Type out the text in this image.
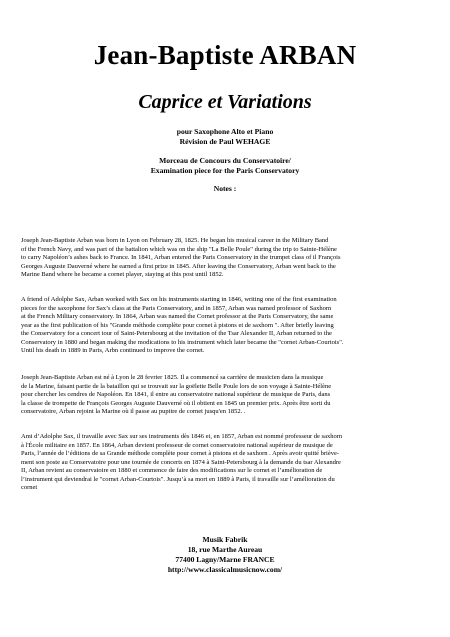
Jean-Baptiste ARBAN
Caprice et Variations
pour Saxophone Alto et Piano
Révision de Paul WEHAGE
Morceau de Concours du Conservatoire/
Examination piece for the Paris Conservatory
Notes :

Joseph Jean-Baptiste Arban was born in Lyon on February 28, 1825. He began his musical career in the Military Band

of the French Navy, and was part of the battalion which was on the ship "La Belle Poule" during the trip to Sainte-Hélène

to carry Napoléon’s ashes back to France. In 1841, Arban entered the Paris Conservatory in the trumpet class of il François

Georges Auguste Dauverné where he earned a first prize in 1845. After leaving the Conservatory, Arban went back to the

Marine Band where he became a cornet player, staying at this post until 1852.

A friend of Adolphe Sax, Arban worked with Sax on his instruments starting in 1846, writing one of the first examination

pieces for the saxophone for Sax’s class at the Paris Conservatory, and in 1857, Arban was named professor of Saxhorn

at the French Military conservatory. In 1864, Arban was named the Cornet professor at the Paris Conservatory, the same

year as the first publication of his "Grande méthode complète pour cornet à pistons et de saxhorn ". After briefly leaving

the Conservatory for a concert tour of Saint-Petersbourg at the invitation of the Tsar Alexander II, Arban returned to the

Conservatory in 1880 and began making the modications to his instrument which later became the "cornet Arban-Courtois".

Until his death in 1889 in Paris, Arbn continued to improve the cornet.

Joseph Jean-Baptiste Arban est né à Lyon le 28 fevrier 1825. Il a commencé sa carrière de musicien dans la musique

de la Marine, faisant partie de la bataillon qui se trouvait sur la goëlette Belle Poule lors de son voyage à Sainte-Hélène

pour chercher les cendres de Napoléon. En 1841, il entre au conservatoire national supérieur de musique de Paris, dans

la classe de trompette de François Georges Auguste Dauverné où il obtient en 1845 un premier prix. Après être sorti du

conservatoire, Arban rejoint la Marine où il passe au pupitre de cornet jusqu'en 1852. .

Ami d’Adolphe Sax, il travaille avec Sax sur ses instruments dès 1846 et, en 1857, Arban est nommé professeur de saxhorn

à l'École militaire en 1857. En 1864, Arban devient professeur de cornet conservatoire national supérieur de musique de

Paris, l’année de l’éditions de sa Grande méthode complète pour cornet à pistons et de saxhorn . Après avoir quitté briève-

ment son poste au Conservatoire pour une tournée de concerts en 1874 à Saint-Petersbourg à la demande du tsar Alexandre

II, Arban revient au conservatoire en 1880 et commence de faire des modifications sur le cornet et l’amélioration de

l’instrument qui deviendrai le "cornet Arban-Courtois". Jusqu’à sa mort en 1889 à Paris, il travaille sur l’amélioration du

cornet

Musik Fabrik
18, rue Marthe Aureau
77400 Lagny/Marne FRANCE
http://www.classicalmusicnow.com/
